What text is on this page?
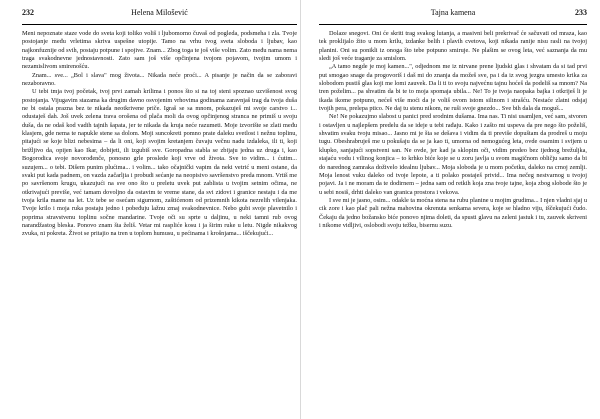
232	Helena Milošević

Meni nepoznate staze vode do sveta koji toliko voliš i ljubomorno čuvaš od pogleda, podsmeha i zla. Tvoje postojanje među vrletima skriva uspešne utopije. Tamo na vrhu tvog sveta sloboda i ljubav, kao najkonfuznije od svih, postaju potpune i spojive. Znam... Zbog toga te još više volim. Zato među nama nema traga svakodnevne jednostavnosti. Zato sam još više opčinjena tvojom pojavom, tvojim umom i nezamislivom smirenošću.

Znam... sve... „Bol i slava" mog života... Nikada neće proći... A pisanje je način da se zaboravi nezaboravno.

U tebi tmja tvoj početak, tvoj prvi zamah krilima i ponos što si na toj steni spoznao uzvišenost svog postojanja. Vijugavim stazama ka drugim davno osvojenim vrhovima godinama zaravnjaš trag da tvoja duša ne bi ostala prazna bez te nikada neotkrivene priče. Igraš se sa mnom, pokazuješ mi svoje carstvo i... odustaješ dah. Još uvek zelena trava orošena od plača moli da ovog opčinjenog stranca ne primiš u svoju duša, da ne odaš kod vadih tajnih šapata, jer te nikada da kruja neće razumeti. Moje izvorište se zlati među klasjem, gde nema te napukle stene sa dolom. Moji suncokreti pomno prate daleku svetlost i nežnu toplinu, pitajući se koje blizi nebesima – da li oni, koji svojim kretanjem čuvaju večnu nadu izdaleka, ili ti, koji brižljivo da, opijen kao Ikar, dobijeti, ili izgubiš sve. Goropadna stabla se zbijaju jedna uz druga i, kao Bogorodica svoje novorođenče, ponosno grle proslede koji vrve od života. Sve to vidim... i ćutim... suzujem... o tebi. Dišem punim plućima... i volim... tako očajnički vapim da neki vetrić u meni ostane, da svaki put kada padnem, on vazda začarljia i probudi sećanje na neopisivo savršenstvo preda mnom. Vrtiš me po savršenom krugu, ukazujući na sve ono što u preletu uvek put zablista u tvojim setnim očima, ne otkrivajući previše, već tamam dovoljno da ostavim te vreme stane, da svi zidovi i granice nestaju i da me tvoja krila mame na let. Uz tebe se osećam sigurnom, zaštićenom od prizemnih kikota nezrelih vilenjaka. Tvoje krilo i moja ruka postaju jedno i pobeđuju lažnu zmaj svakodnevnice. Nebo gubi svoje plavetnilo i poprima stravstvenu toplinu sočne mandarine. Tvoje oči su sprte u daljinu, u neki tamni rub ovog narandžastog bleska. Ponovo znam šta želiš. Vetar mi raspliće kosu i ja širim ruke u letu. Nigde nikakvog zvuka, ni pokreta. Život se pritajio na tren u toplom humusu, u pećinama i krošnjama... iščekujući...

Tajna kamena	233

Dolaze snegovi. Oni će skriti trag svakog lutanja, a masivni beli prekrivač će sačuvati od mraza, kao tek proklijalo žito u mom krilu, izdanke belih i plavih cvetova, koji nikada ranije nisu rasli na tvojoj planini. Oni su ponikli iz onoga što tebe potpuno smiruje. Ne plašim se ovog leta, već saznanja da mu sledi još veće traganje za smislom.

„A tamo negde je moj kamen...", odjednom me iz nirvane prene ljudski glas i shvatam da si tad prvi put smogao snage da progovoriš i daš mi do znanja da možeš sve, pa i da iz svog jezgra umesto krika za slobodom pustiš glas koji me lomi zauvek. Da li ti to svoju najvećnu tajnu hoćeš da podeliš sa mnom? Na tren poželim... pa shvatim da bi te to moja spomaja ubila... Ne! To je tvoja naopaka bajka i otkriješ li je ikada ikome potpuno, nećeš više moći da je voliš ovom istom silinom i strašću. Nestaće zlatni odsjaj tvojih pera, prelepa ptico. Ne daj tu stenu nikom, ne ruši svoje gnezdo... Sve bih dala da moguš...

Ne! Ne pokazujmo slabost u panici pred srodnim dušama. Ima nas. Ti nisi usamljen, već sam, stvoren i ostavljen u najlepšem predelu da se ideje u tebi rađaju. Kako i zašto mi uspeva da pre nego što poželiš, shvatim svaku tvoju misao... Jasno mi je šta se dešava i vidim da ti previše dopuštam da prodreš u moju tugu. Obeshrabruješ me u pokušaju da se ja kao ti, umorna od nemogućeg leta, ovde osamim i svijem u klupko, sanjajući sopstveni san. Ne ovde, jer kad ja sklopim oči, vidim predeo bez ijednog brežuljka, stajaću vodu i vilinog konjica – to krhko biće koje se u zoru javlja u svom magičnom obličju samo da bi do narednog zamraka doživelo idealnu ljubav... Moja sloboda je u mom početku, daleko na crnoj zemlji. Moja lenost vuku daleko od tvoje lepote, a ti polako postaješ privid... Ima nečeg nestvarnog u tvojoj pojavi. Ja i ne moram da te dodirnem – jedna sam od retkih koja zna tvoje tajne, koja zbog slobode što je u sebi nosiš, drhti daleko van granica prostora i vekova.

I sve mi je jasno, osim... odakle ta moćna stena na rubu planine u mojim grudima... I njen vladni sjaj u cik zore i kao plač pali nežna mahovina okrenuta senkama severa, koje se hladno viju, iščekujući čudo. Čekaju da jedno božansko biće ponovo njima doleti, da spusti glavu na zeleni jastuk i tu, zauvek skriveni i nikome vidljivi, oslobodi svoju težku, bisernu suzu.
